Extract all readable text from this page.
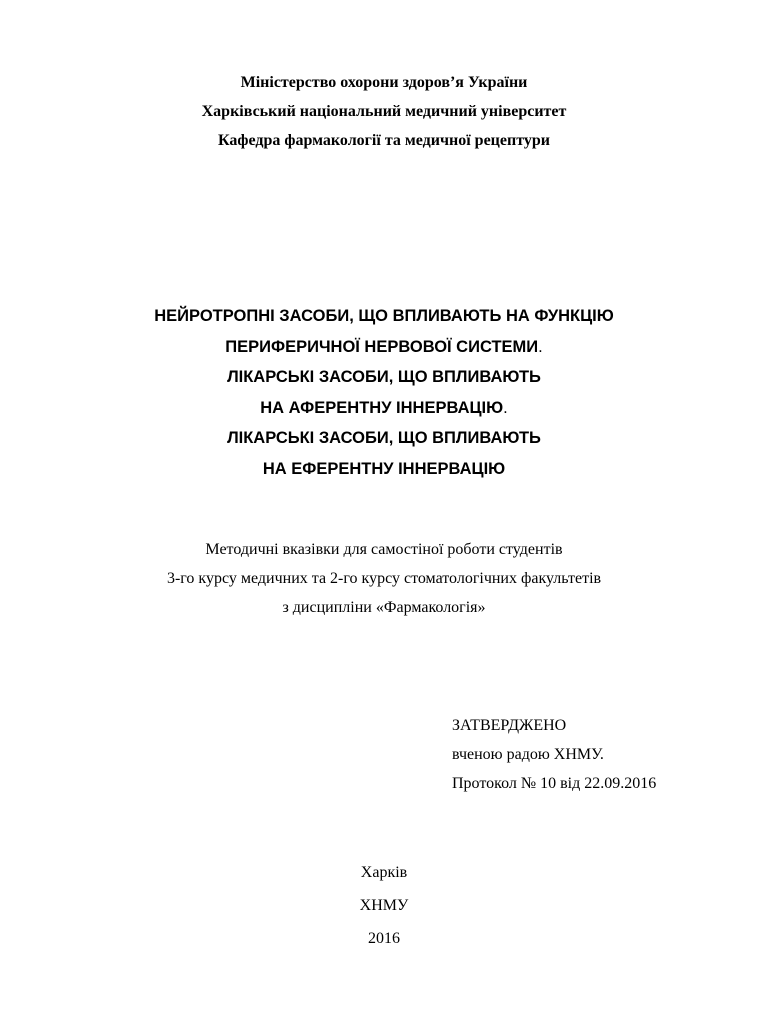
Міністерство охорони здоров’я України
Харківський національний медичний університет
Кафедра фармакології та медичної рецептури
НЕЙРОТРОПНІ ЗАСОБИ, ЩО ВПЛИВАЮТЬ НА ФУНКЦІЮ
ПЕРИФЕРИЧНОЇ НЕРВОВОЇ СИСТЕМИ.
ЛІКАРСЬКІ ЗАСОБИ, ЩО ВПЛИВАЮТЬ
НА АФЕРЕНТНУ ІННЕРВАЦІЮ.
ЛІКАРСЬКІ ЗАСОБИ, ЩО ВПЛИВАЮТЬ
НА ЕФЕРЕНТНУ ІННЕРВАЦІЮ
Методичні вказівки для самостіної роботи студентів
3-го курсу медичних та 2-го курсу стоматологічних факультетів
з дисципліни «Фармакологія»
ЗАТВЕРДЖЕНО
вченою радою ХНМУ.
Протокол № 10 від 22.09.2016
Харків
ХНМУ
2016
